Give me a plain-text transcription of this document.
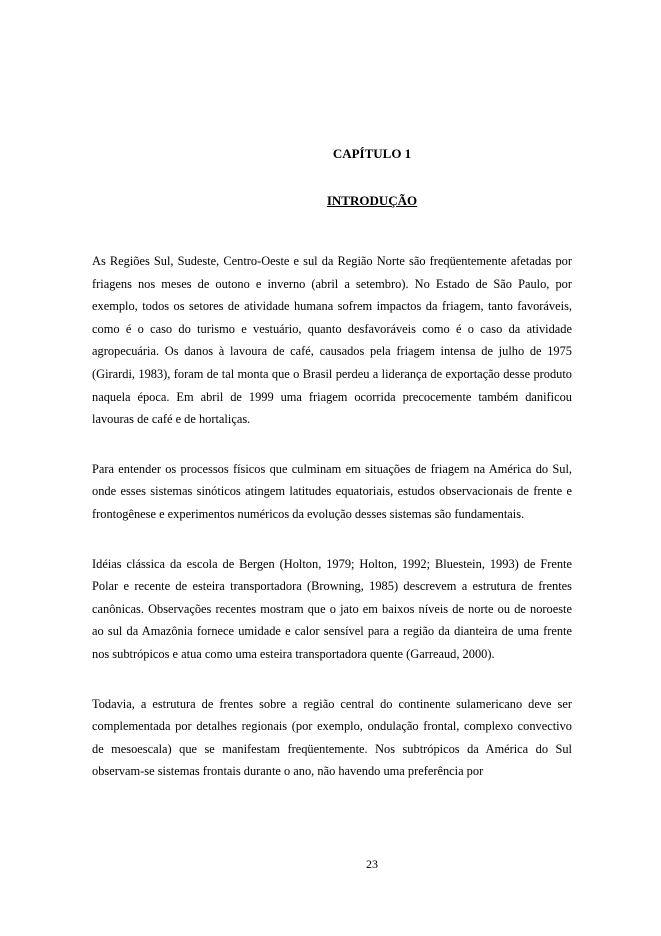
CAPÍTULO 1
INTRODUÇÃO

As Regiões Sul, Sudeste, Centro-Oeste e sul da Região Norte são freqüentemente afetadas por friagens nos meses de outono e inverno (abril a setembro). No Estado de São Paulo, por exemplo, todos os setores de atividade humana sofrem impactos da friagem, tanto favoráveis, como é o caso do turismo e vestuário, quanto desfavoráveis como é o caso da atividade agropecuária. Os danos à lavoura de café, causados pela friagem intensa de julho de 1975 (Girardi, 1983), foram de tal monta que o Brasil perdeu a liderança de exportação desse produto naquela época. Em abril de 1999 uma friagem ocorrida precocemente também danificou lavouras de café e de hortaliças.

Para entender os processos físicos que culminam em situações de friagem na América do Sul, onde esses sistemas sinóticos atingem latitudes equatoriais, estudos observacionais de frente e frontogênese e experimentos numéricos da evolução desses sistemas são fundamentais.

Idéias clássica da escola de Bergen (Holton, 1979; Holton, 1992; Bluestein, 1993) de Frente Polar e recente de esteira transportadora (Browning, 1985) descrevem a estrutura de frentes canônicas. Observações recentes mostram que o jato em baixos níveis de norte ou de noroeste ao sul da Amazônia fornece umidade e calor sensível para a região da dianteira de uma frente nos subtrópicos e atua como uma esteira transportadora quente (Garreaud, 2000).

Todavia, a estrutura de frentes sobre a região central do continente sulamericano deve ser complementada por detalhes regionais (por exemplo, ondulação frontal, complexo convectivo de mesoescala) que se manifestam freqüentemente. Nos subtrópicos da América do Sul observam-se sistemas frontais durante o ano, não havendo uma preferência por

23
